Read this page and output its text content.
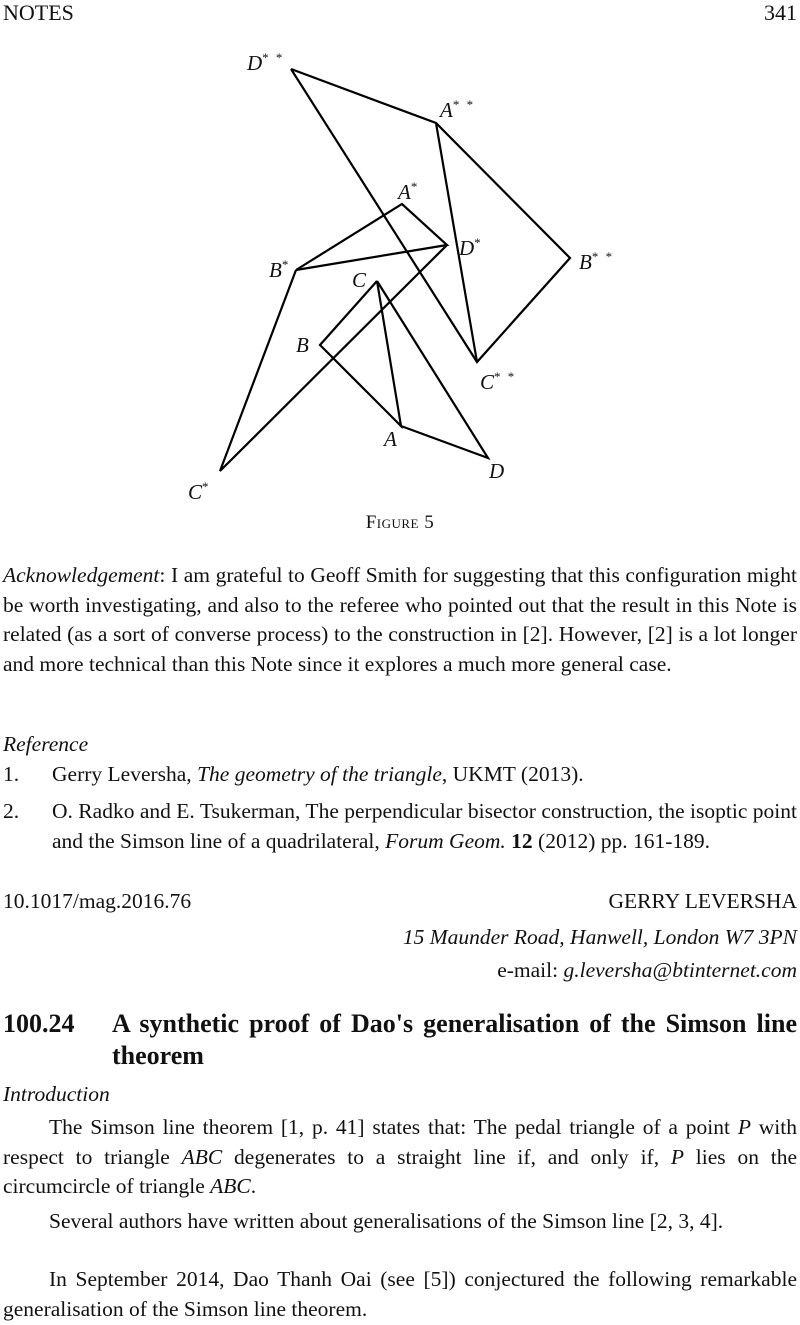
NOTES	341
D* *
A* *
B* *
C* *
A*
D*
B*
C*
C
B
A
D
Figure 5
Acknowledgement: I am grateful to Geoff Smith for suggesting that this configuration might be worth investigating, and also to the referee who pointed out that the result in this Note is related (as a sort of converse process) to the construction in [2]. However, [2] is a lot longer and more technical than this Note since it explores a much more general case.
Reference
1. Gerry Leversha, The geometry of the triangle, UKMT (2013).
2. O. Radko and E. Tsukerman, The perpendicular bisector construction, the isoptic point and the Simson line of a quadrilateral, Forum Geom. 12 (2012) pp. 161-189.
10.1017/mag.2016.76	GERRY LEVERSHA
15 Maunder Road, Hanwell, London W7 3PN
e-mail: g.leversha@btinternet.com
100.24 A synthetic proof of Dao's generalisation of the Simson line theorem
Introduction
The Simson line theorem [1, p. 41] states that: The pedal triangle of a point P with respect to triangle ABC degenerates to a straight line if, and only if, P lies on the circumcircle of triangle ABC.
Several authors have written about generalisations of the Simson line [2, 3, 4].
In September 2014, Dao Thanh Oai (see [5]) conjectured the following remarkable generalisation of the Simson line theorem.
